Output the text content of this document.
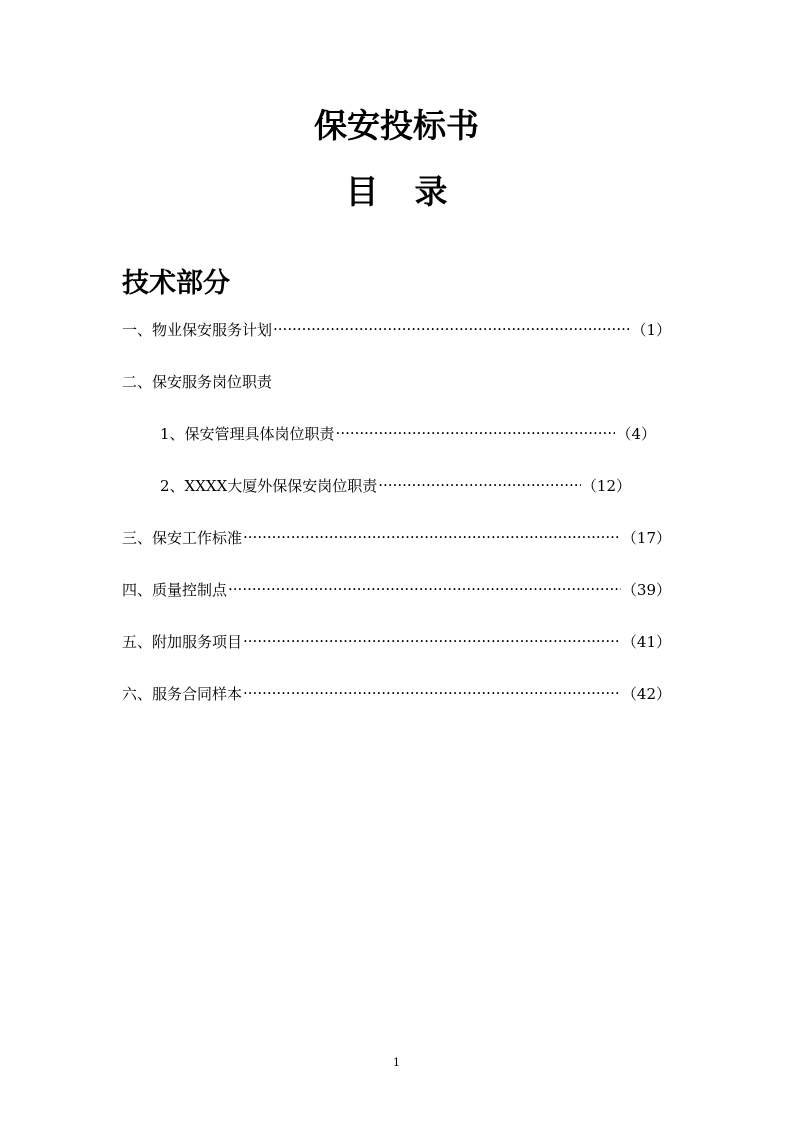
保安投标书
目 录
技术部分
一、物业保安服务计划 ·····	（1）
二、保安服务岗位职责
1、保安管理具体岗位职责 ·····	（4）
2、XXXX大厦外保保安岗位职责 ·····	（12）
三、保安工作标准 ·····	（17）
四、质量控制点 ·····	（39）
五、附加服务项目 ·····	（41）
六、服务合同样本 ·····	（42）
1
